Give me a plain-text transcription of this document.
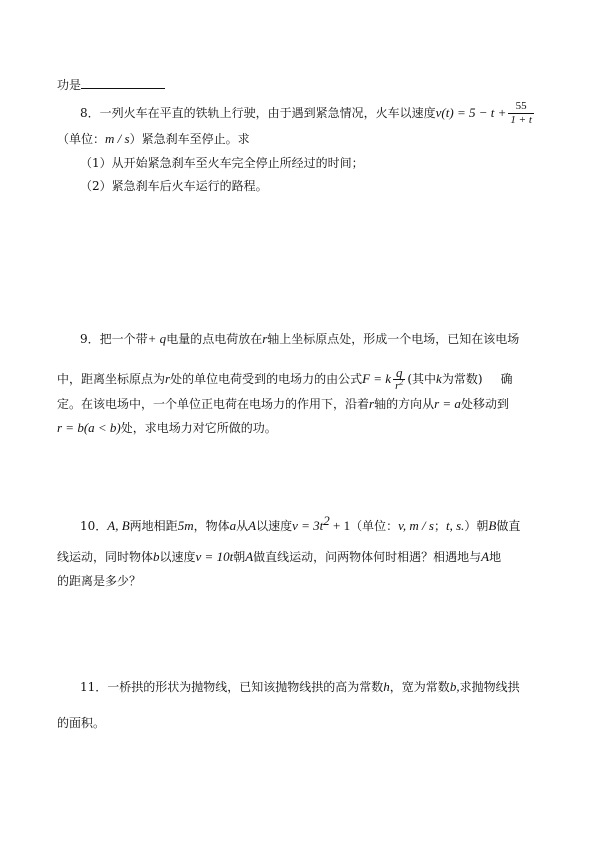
功是
8．一列火车在平直的铁轨上行驶，由于遇到紧急情况，火车以速度$v(t) = 5 - t + \frac{55}{1 + t}$
（单位：m / s）紧急刹车至停止。求
（1）从开始紧急刹车至火车完全停止所经过的时间；
（2）紧急刹车后火车运行的路程。
9．把一个带+ q电量的点电荷放在r轴上坐标原点处，形成一个电场，已知在该电场
中，距离坐标原点为r处的单位电荷受到的电场力的由公式F = k $\frac{q}{r^2}$ (其中k为常数) 确
定。在该电场中，一个单位正电荷在电场力的作用下，沿着r轴的方向从r = a处移动到
r = b(a < b)处，求电场力对它所做的功。
10．A, B两地相距5m，物体a从A以速度$v = 3t^2 + 1$（单位：v, m / s；t, s.）朝B做直
线运动，同时物体b以速度v = 10t朝A做直线运动，问两物体何时相遇？相遇地与A地
的距离是多少？
11．一桥拱的形状为抛物线，已知该抛物线拱的高为常数h，宽为常数b,求抛物线拱
的面积。
